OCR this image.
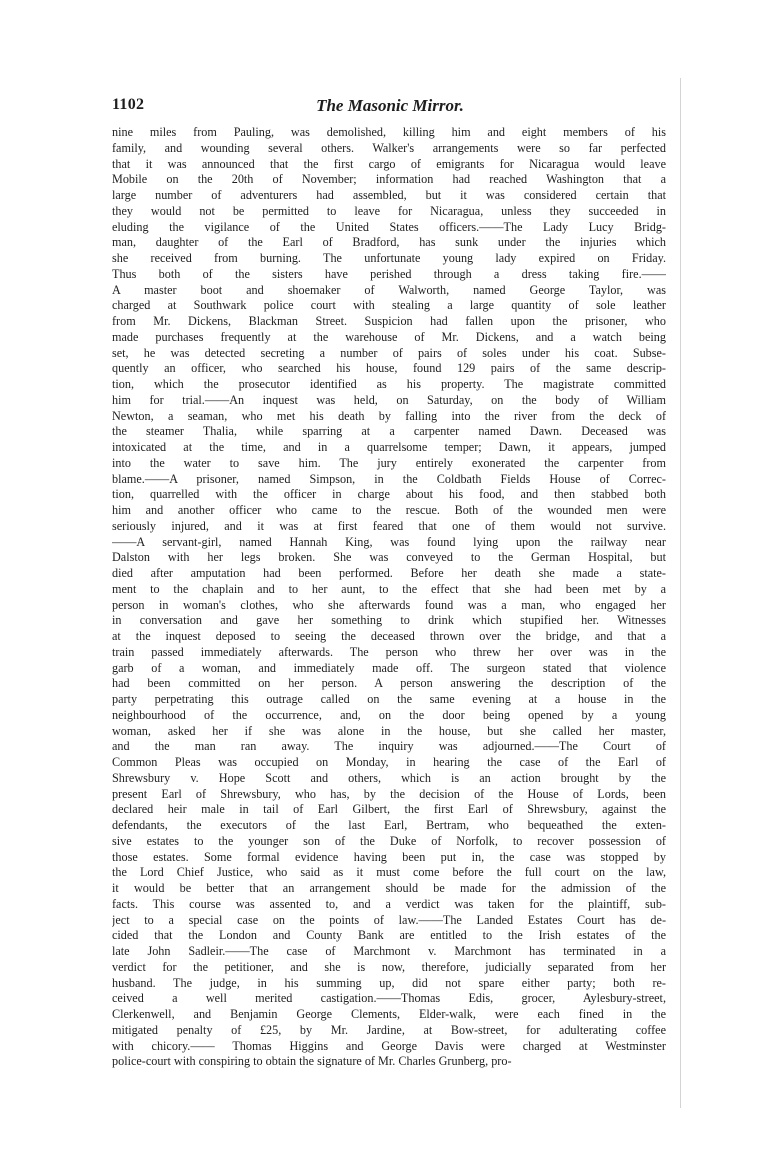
1102	The Masonic Mirror.
nine miles from Pauling, was demolished, killing him and eight members of his
family, and wounding several others. Walker's arrangements were so far perfected
that it was announced that the first cargo of emigrants for Nicaragua would leave
Mobile on the 20th of November; information had reached Washington that a
large number of adventurers had assembled, but it was considered certain that
they would not be permitted to leave for Nicaragua, unless they succeeded in
eluding the vigilance of the United States officers.——The Lady Lucy Bridg-
man, daughter of the Earl of Bradford, has sunk under the injuries which
she received from burning. The unfortunate young lady expired on Friday.
Thus both of the sisters have perished through a dress taking fire.——
A master boot and shoemaker of Walworth, named George Taylor, was
charged at Southwark police court with stealing a large quantity of sole leather
from Mr. Dickens, Blackman Street. Suspicion had fallen upon the prisoner, who
made purchases frequently at the warehouse of Mr. Dickens, and a watch being
set, he was detected secreting a number of pairs of soles under his coat. Subse-
quently an officer, who searched his house, found 129 pairs of the same descrip-
tion, which the prosecutor identified as his property. The magistrate committed
him for trial.——An inquest was held, on Saturday, on the body of William
Newton, a seaman, who met his death by falling into the river from the deck of
the steamer Thalia, while sparring at a carpenter named Dawn. Deceased was
intoxicated at the time, and in a quarrelsome temper; Dawn, it appears, jumped
into the water to save him. The jury entirely exonerated the carpenter from
blame.——A prisoner, named Simpson, in the Coldbath Fields House of Correc-
tion, quarrelled with the officer in charge about his food, and then stabbed both
him and another officer who came to the rescue. Both of the wounded men were
seriously injured, and it was at first feared that one of them would not survive.
——A servant-girl, named Hannah King, was found lying upon the railway near
Dalston with her legs broken. She was conveyed to the German Hospital, but
died after amputation had been performed. Before her death she made a state-
ment to the chaplain and to her aunt, to the effect that she had been met by a
person in woman's clothes, who she afterwards found was a man, who engaged her
in conversation and gave her something to drink which stupified her. Witnesses
at the inquest deposed to seeing the deceased thrown over the bridge, and that a
train passed immediately afterwards. The person who threw her over was in the
garb of a woman, and immediately made off. The surgeon stated that violence
had been committed on her person. A person answering the description of the
party perpetrating this outrage called on the same evening at a house in the
neighbourhood of the occurrence, and, on the door being opened by a young
woman, asked her if she was alone in the house, but she called her master,
and the man ran away. The inquiry was adjourned.——The Court of
Common Pleas was occupied on Monday, in hearing the case of the Earl of
Shrewsbury v. Hope Scott and others, which is an action brought by the
present Earl of Shrewsbury, who has, by the decision of the House of Lords, been
declared heir male in tail of Earl Gilbert, the first Earl of Shrewsbury, against the
defendants, the executors of the last Earl, Bertram, who bequeathed the exten-
sive estates to the younger son of the Duke of Norfolk, to recover possession of
those estates. Some formal evidence having been put in, the case was stopped by
the Lord Chief Justice, who said as it must come before the full court on the law,
it would be better that an arrangement should be made for the admission of the
facts. This course was assented to, and a verdict was taken for the plaintiff, sub-
ject to a special case on the points of law.——The Landed Estates Court has de-
cided that the London and County Bank are entitled to the Irish estates of the
late John Sadleir.——The case of Marchmont v. Marchmont has terminated in a
verdict for the petitioner, and she is now, therefore, judicially separated from her
husband. The judge, in his summing up, did not spare either party; both re-
ceived a well merited castigation.——Thomas Edis, grocer, Aylesbury-street,
Clerkenwell, and Benjamin George Clements, Elder-walk, were each fined in the
mitigated penalty of £25, by Mr. Jardine, at Bow-street, for adulterating coffee
with chicory.—— Thomas Higgins and George Davis were charged at Westminster
police-court with conspiring to obtain the signature of Mr. Charles Grunberg, pro-
